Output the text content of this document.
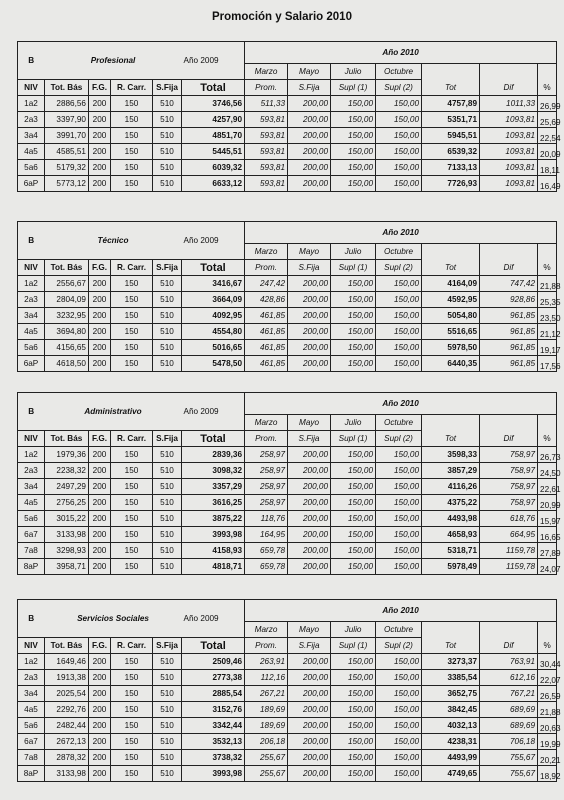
Promoción y Salario 2010
B	Profesional				Año 2009	Año 2010						
						Marzo	Mayo	Julio	Octubre			
NIV	Tot. Bás	F.G.	R. Carr.	S.Fija	Total	Prom.	S.Fija	Supl (1)	Supl (2)	Tot	Dif	%
1a2	2886,56	200	150	510	3746,56	511,33	200,00	150,00	150,00	4757,89	1011,33	26,99
2a3	3397,90	200	150	510	4257,90	593,81	200,00	150,00	150,00	5351,71	1093,81	25,69
3a4	3991,70	200	150	510	4851,70	593,81	200,00	150,00	150,00	5945,51	1093,81	22,54
4a5	4585,51	200	150	510	5445,51	593,81	200,00	150,00	150,00	6539,32	1093,81	20,09
5a6	5179,32	200	150	510	6039,32	593,81	200,00	150,00	150,00	7133,13	1093,81	18,11
6aP	5773,12	200	150	510	6633,12	593,81	200,00	150,00	150,00	7726,93	1093,81	16,49
B	Técnico				Año 2009	Año 2010						
						Marzo	Mayo	Julio	Octubre			
NIV	Tot. Bás	F.G.	R. Carr.	S.Fija	Total	Prom.	S.Fija	Supl (1)	Supl (2)	Tot	Dif	%
1a2	2556,67	200	150	510	3416,67	247,42	200,00	150,00	150,00	4164,09	747,42	21,88
2a3	2804,09	200	150	510	3664,09	428,86	200,00	150,00	150,00	4592,95	928,86	25,35
3a4	3232,95	200	150	510	4092,95	461,85	200,00	150,00	150,00	5054,80	961,85	23,50
4a5	3694,80	200	150	510	4554,80	461,85	200,00	150,00	150,00	5516,65	961,85	21,12
5a6	4156,65	200	150	510	5016,65	461,85	200,00	150,00	150,00	5978,50	961,85	19,17
6aP	4618,50	200	150	510	5478,50	461,85	200,00	150,00	150,00	6440,35	961,85	17,56
B	Administrativo				Año 2009	Año 2010						
						Marzo	Mayo	Julio	Octubre			
NIV	Tot. Bás	F.G.	R. Carr.	S.Fija	Total	Prom.	S.Fija	Supl (1)	Supl (2)	Tot	Dif	%
1a2	1979,36	200	150	510	2839,36	258,97	200,00	150,00	150,00	3598,33	758,97	26,73
2a3	2238,32	200	150	510	3098,32	258,97	200,00	150,00	150,00	3857,29	758,97	24,50
3a4	2497,29	200	150	510	3357,29	258,97	200,00	150,00	150,00	4116,26	758,97	22,61
4a5	2756,25	200	150	510	3616,25	258,97	200,00	150,00	150,00	4375,22	758,97	20,99
5a6	3015,22	200	150	510	3875,22	118,76	200,00	150,00	150,00	4493,98	618,76	15,97
6a7	3133,98	200	150	510	3993,98	164,95	200,00	150,00	150,00	4658,93	664,95	16,65
7a8	3298,93	200	150	510	4158,93	659,78	200,00	150,00	150,00	5318,71	1159,78	27,89
8aP	3958,71	200	150	510	4818,71	659,78	200,00	150,00	150,00	5978,49	1159,78	24,07
B	Servicios Sociales				Año 2009	Año 2010						
						Marzo	Mayo	Julio	Octubre			
NIV	Tot. Bás	F.G.	R. Carr.	S.Fija	Total	Prom.	S.Fija	Supl (1)	Supl (2)	Tot	Dif	%
1a2	1649,46	200	150	510	2509,46	263,91	200,00	150,00	150,00	3273,37	763,91	30,44
2a3	1913,38	200	150	510	2773,38	112,16	200,00	150,00	150,00	3385,54	612,16	22,07
3a4	2025,54	200	150	510	2885,54	267,21	200,00	150,00	150,00	3652,75	767,21	26,59
4a5	2292,76	200	150	510	3152,76	189,69	200,00	150,00	150,00	3842,45	689,69	21,88
5a6	2482,44	200	150	510	3342,44	189,69	200,00	150,00	150,00	4032,13	689,69	20,63
6a7	2672,13	200	150	510	3532,13	206,18	200,00	150,00	150,00	4238,31	706,18	19,99
7a8	2878,32	200	150	510	3738,32	255,67	200,00	150,00	150,00	4493,99	755,67	20,21
8aP	3133,98	200	150	510	3993,98	255,67	200,00	150,00	150,00	4749,65	755,67	18,92
